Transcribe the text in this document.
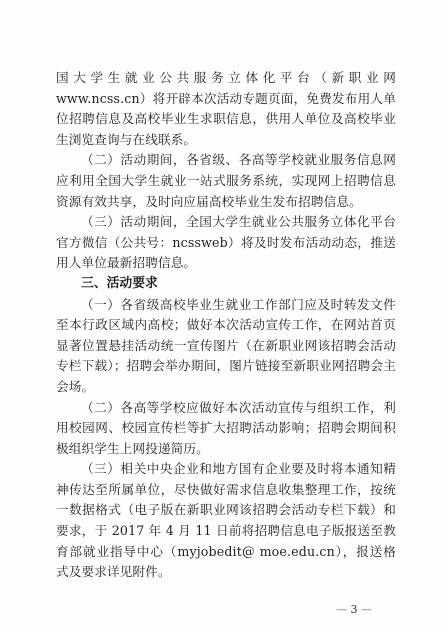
国大学生就业公共服务立体化平台（新职业网 www.ncss.cn）将开辟本次活动专题页面，免费发布用人单位招聘信息及高校毕业生求职信息，供用人单位及高校毕业生浏览查询与在线联系。

（二）活动期间，各省级、各高等学校就业服务信息网应利用全国大学生就业一站式服务系统，实现网上招聘信息资源有效共享，及时向应届高校毕业生发布招聘信息。

（三）活动期间，全国大学生就业公共服务立体化平台官方微信（公共号：ncssweb）将及时发布活动动态，推送用人单位最新招聘信息。

三、活动要求

（一）各省级高校毕业生就业工作部门应及时转发文件至本行政区域内高校；做好本次活动宣传工作，在网站首页显著位置悬挂活动统一宣传图片（在新职业网该招聘会活动专栏下载）；招聘会举办期间，图片链接至新职业网招聘会主会场。

（二）各高等学校应做好本次活动宣传与组织工作，利用校园网、校园宣传栏等扩大招聘活动影响；招聘会期间积极组织学生上网投递简历。

（三）相关中央企业和地方国有企业要及时将本通知精神传达至所属单位，尽快做好需求信息收集整理工作，按统一数据格式（电子版在新职业网该招聘会活动专栏下载）和要求，于 2017 年 4 月 11 日前将招聘信息电子版报送至教育部就业指导中心（myjobedit@ moe.edu.cn），报送格式及要求详见附件。

— 3 —
